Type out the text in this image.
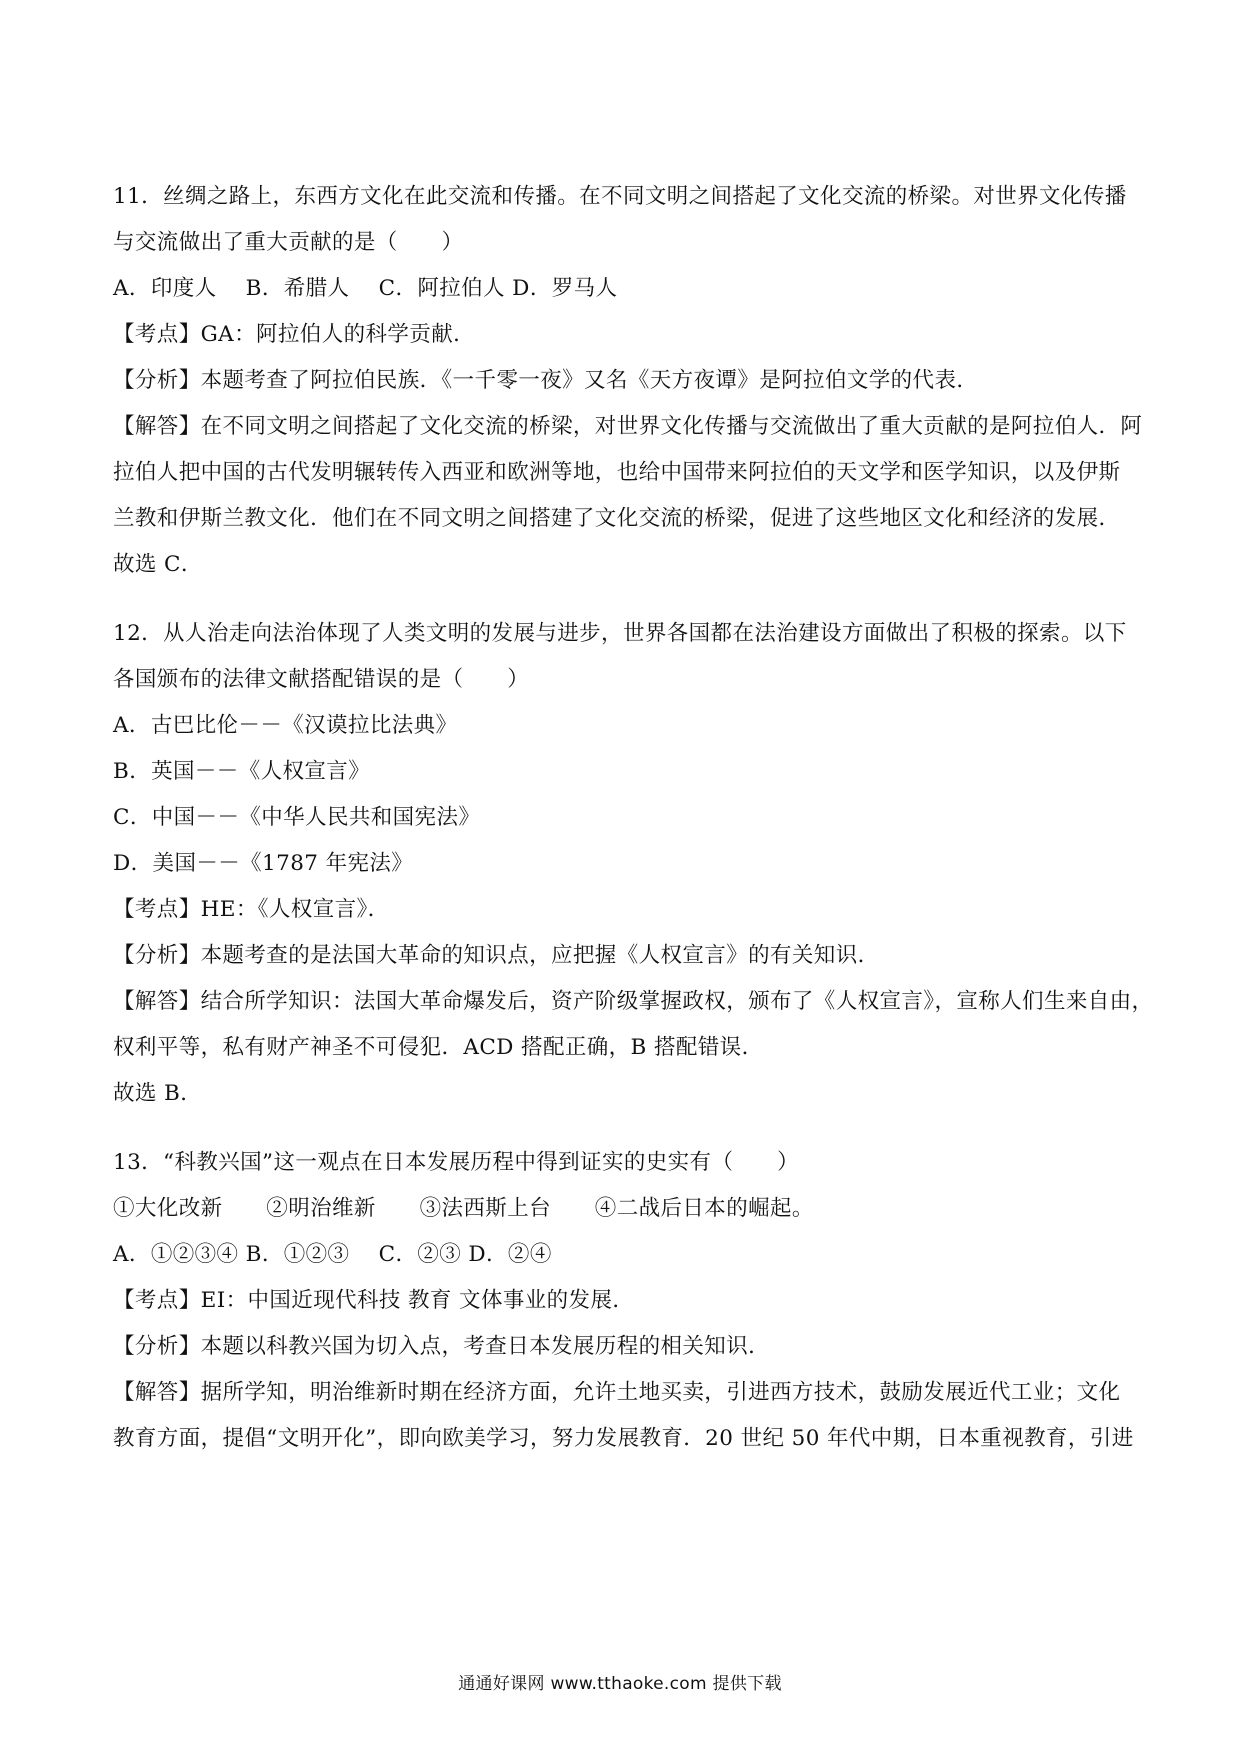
11．丝绸之路上，东西方文化在此交流和传播。在不同文明之间搭起了文化交流的桥梁。对世界文化传播
与交流做出了重大贡献的是（　　）
A．印度人　 B．希腊人　 C．阿拉伯人 D．罗马人
【考点】GA：阿拉伯人的科学贡献．
【分析】本题考查了阿拉伯民族．《一千零一夜》又名《天方夜谭》是阿拉伯文学的代表．
【解答】在不同文明之间搭起了文化交流的桥梁，对世界文化传播与交流做出了重大贡献的是阿拉伯人．阿
拉伯人把中国的古代发明辗转传入西亚和欧洲等地，也给中国带来阿拉伯的天文学和医学知识，以及伊斯
兰教和伊斯兰教文化．他们在不同文明之间搭建了文化交流的桥梁，促进了这些地区文化和经济的发展．
故选 C．
12．从人治走向法治体现了人类文明的发展与进步，世界各国都在法治建设方面做出了积极的探索。以下
各国颁布的法律文献搭配错误的是（　　）
A．古巴比伦－－《汉谟拉比法典》
B．英国－－《人权宣言》
C．中国－－《中华人民共和国宪法》
D．美国－－《1787 年宪法》
【考点】HE：《人权宣言》．
【分析】本题考查的是法国大革命的知识点，应把握《人权宣言》的有关知识．
【解答】结合所学知识：法国大革命爆发后，资产阶级掌握政权，颁布了《人权宣言》，宣称人们生来自由，
权利平等，私有财产神圣不可侵犯．ACD 搭配正确，B 搭配错误．
故选 B．
13．“科教兴国”这一观点在日本发展历程中得到证实的史实有（　　）
①大化改新　　②明治维新　　③法西斯上台　　④二战后日本的崛起。
A．①②③④ B．①②③　 C．②③ D．②④
【考点】EI：中国近现代科技 教育 文体事业的发展．
【分析】本题以科教兴国为切入点，考查日本发展历程的相关知识．
【解答】据所学知，明治维新时期在经济方面，允许土地买卖，引进西方技术，鼓励发展近代工业；文化
教育方面，提倡“文明开化”，即向欧美学习，努力发展教育．20 世纪 50 年代中期，日本重视教育，引进
通通好课网 www.tthaoke.com 提供下载
